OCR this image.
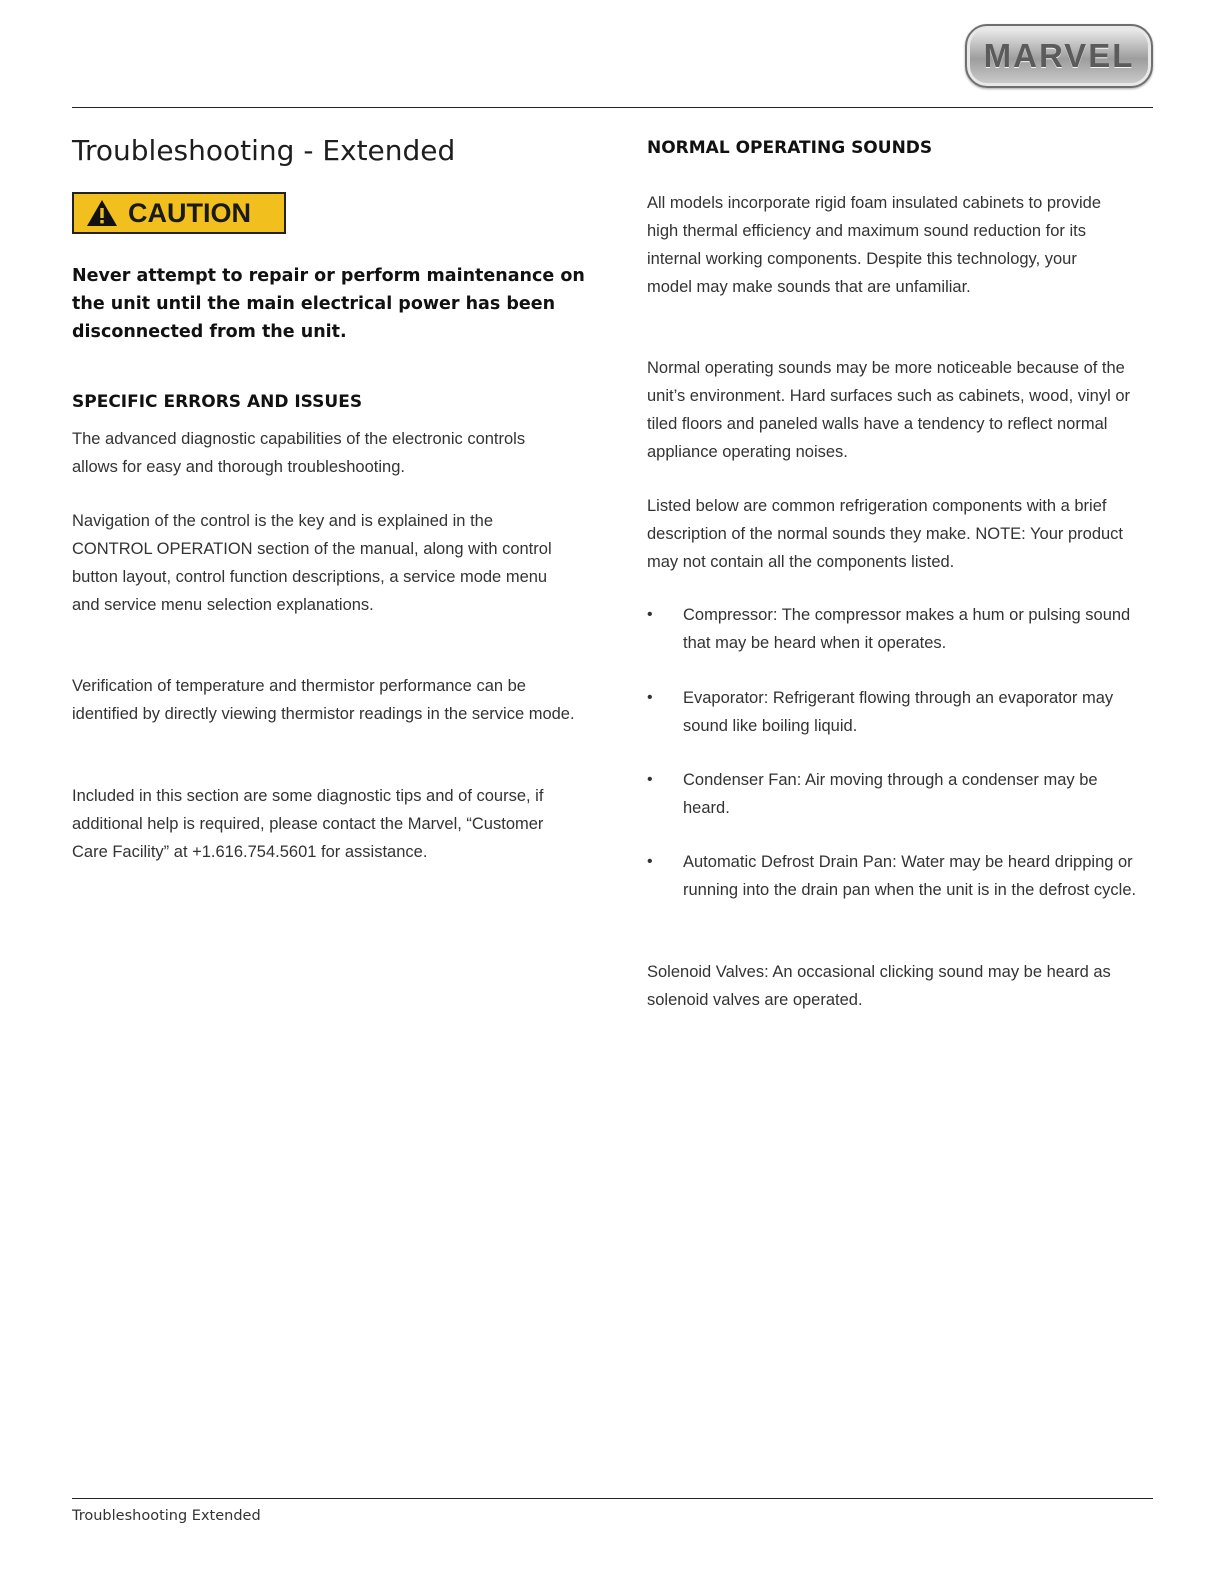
MARVEL
Troubleshooting - Extended
CAUTION

Never attempt to repair or perform maintenance on the unit until the main electrical power has been disconnected from the unit.

SPECIFIC ERRORS AND ISSUES

The advanced diagnostic capabilities of the electronic controls allows for easy and thorough troubleshooting.

Navigation of the control is the key and is explained in the CONTROL OPERATION section of the manual, along with control button layout, control function descriptions, a service mode menu and service menu selection explanations.

Verification of temperature and thermistor performance can be identified by directly viewing thermistor readings in the service mode.

Included in this section are some diagnostic tips and of course, if additional help is required, please contact the Marvel, “Customer Care Facility” at +1.616.754.5601 for assistance.

NORMAL OPERATING SOUNDS

All models incorporate rigid foam insulated cabinets to provide high thermal efficiency and maximum sound reduction for its internal working components. Despite this technology, your model may make sounds that are unfamiliar.

Normal operating sounds may be more noticeable because of the unit’s environment. Hard surfaces such as cabinets, wood, vinyl or tiled floors and paneled walls have a tendency to reflect normal appliance operating noises.

Listed below are common refrigeration components with a brief description of the normal sounds they make. NOTE: Your product may not contain all the components listed.

• Compressor: The compressor makes a hum or pulsing sound that may be heard when it operates.
• Evaporator: Refrigerant flowing through an evaporator may sound like boiling liquid.
• Condenser Fan: Air moving through a condenser may be heard.
• Automatic Defrost Drain Pan: Water may be heard dripping or running into the drain pan when the unit is in the defrost cycle.

Solenoid Valves: An occasional clicking sound may be heard as solenoid valves are operated.

Troubleshooting Extended
